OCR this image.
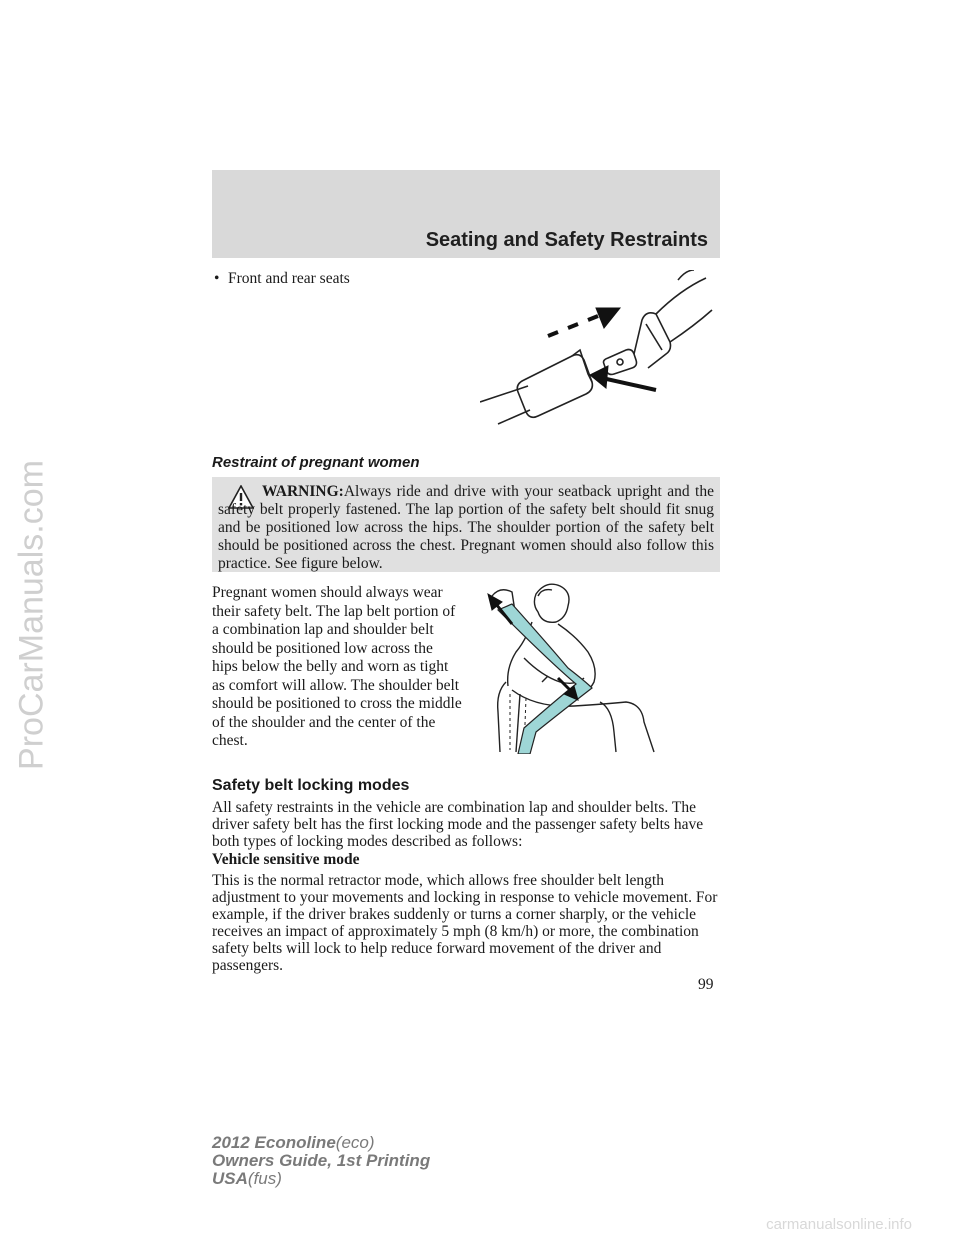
ProCarManuals.com
Seating and Safety Restraints
• Front and rear seats
Restraint of pregnant women
WARNING:Always ride and drive with your seatback upright and the safety belt properly fastened. The lap portion of the safety belt should fit snug and be positioned low across the hips. The shoulder portion of the safety belt should be positioned across the chest. Pregnant women should also follow this practice. See figure below.
Pregnant women should always wear their safety belt. The lap belt portion of a combination lap and shoulder belt should be positioned low across the hips below the belly and worn as tight as comfort will allow. The shoulder belt should be positioned to cross the middle of the shoulder and the center of the chest.
Safety belt locking modes
All safety restraints in the vehicle are combination lap and shoulder belts. The driver safety belt has the first locking mode and the passenger safety belts have both types of locking modes described as follows:
Vehicle sensitive mode
This is the normal retractor mode, which allows free shoulder belt length adjustment to your movements and locking in response to vehicle movement. For example, if the driver brakes suddenly or turns a corner sharply, or the vehicle receives an impact of approximately 5 mph (8 km/h) or more, the combination safety belts will lock to help reduce forward movement of the driver and passengers.
99
2012 Econoline(eco)
Owners Guide, 1st Printing
USA(fus)
carmanualsonline.info
